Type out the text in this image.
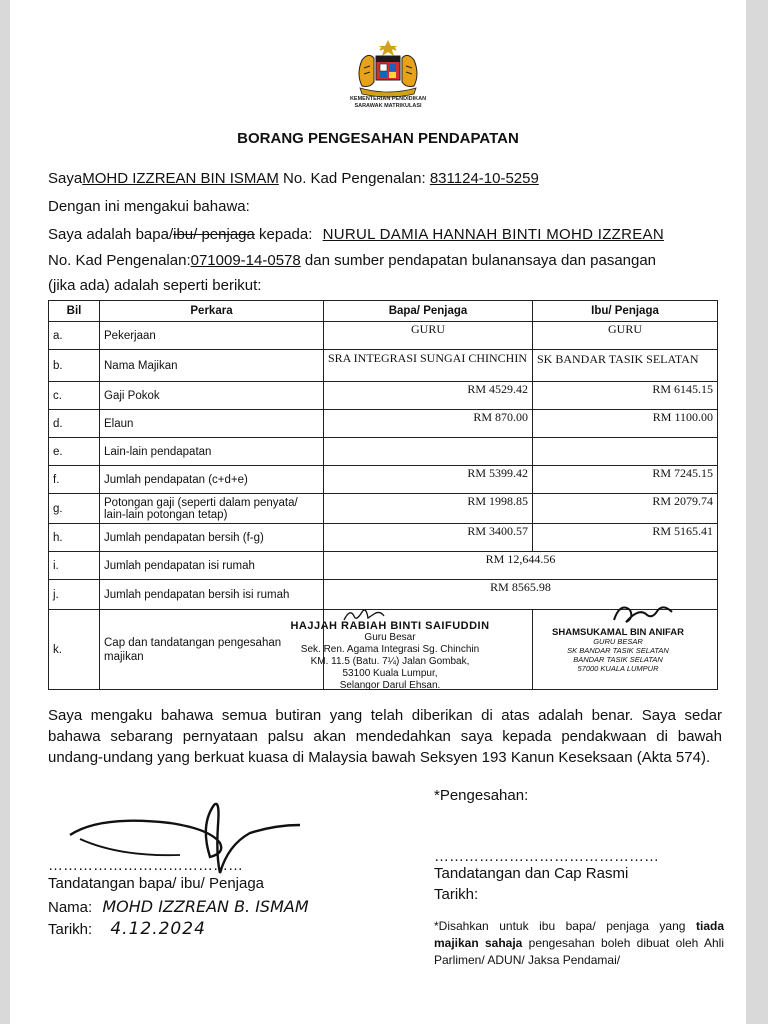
KEMENTERIAN PENDIDIKAN
SARAWAK MATRIKULASI
BORANG PENGESAHAN PENDAPATAN
SayaMOHD IZZREAN BIN ISMAM No. Kad Pengenalan: 831124-10-5259
Dengan ini mengakui bahawa:
Saya adalah bapa/ibu/ penjaga kepada: NURUL DAMIA HANNAH BINTI MOHD IZZREAN
No. Kad Pengenalan:071009-14-0578 dan sumber pendapatan bulanansaya dan pasangan
(jika ada) adalah seperti berikut:
Bil	Perkara	Bapa/ Penjaga	Ibu/ Penjaga
a.	Pekerjaan	GURU	GURU
b.	Nama Majikan	SRA INTEGRASI SUNGAI CHINCHIN	SK BANDAR TASIK SELATAN
c.	Gaji Pokok	RM 4529.42	RM 6145.15
d.	Elaun	RM 870.00	RM 1100.00
e.	Lain-lain pendapatan		
f.	Jumlah pendapatan (c+d+e)	RM 5399.42	RM 7245.15
g.	Potongan gaji (seperti dalam penyata/ lain-lain potongan tetap)	RM 1998.85	RM 2079.74
h.	Jumlah pendapatan bersih (f-g)	RM 3400.57	RM 5165.41
i.	Jumlah pendapatan isi rumah	RM 12,644.56	
j.	Jumlah pendapatan bersih isi rumah	RM 8565.98	
k.	Cap dan tandatangan pengesahan majikan		
HAJJAH RABIAH BINTI SAIFUDDIN
Guru Besar
Sek. Ren. Agama Integrasi Sg. Chinchin
KM. 11.5 (Batu. 7¼) Jalan Gombak,
53100 Kuala Lumpur,
Selangor Darul Ehsan.
SHAMSUKAMAL BIN ANIFAR
GURU BESAR
SK BANDAR TASIK SELATAN
BANDAR TASIK SELATAN
57000 KUALA LUMPUR
Saya mengaku bahawa semua butiran yang telah diberikan di atas adalah benar. Saya sedar bahawa sebarang pernyataan palsu akan mendedahkan saya kepada pendakwaan di bawah undang-undang yang berkuat kuasa di Malaysia bawah Seksyen 193 Kanun Keseksaan (Akta 574).
*Pengesahan:
…………………………………
Tandatangan bapa/ ibu/ Penjaga
Nama: MOHD IZZREAN B. ISMAM
Tarikh: 4.12.2024
………………………………………
Tandatangan dan Cap Rasmi
Tarikh:
*Disahkan untuk ibu bapa/ penjaga yang tiada majikan sahaja pengesahan boleh dibuat oleh Ahli Parlimen/ ADUN/ Jaksa Pendamai/
